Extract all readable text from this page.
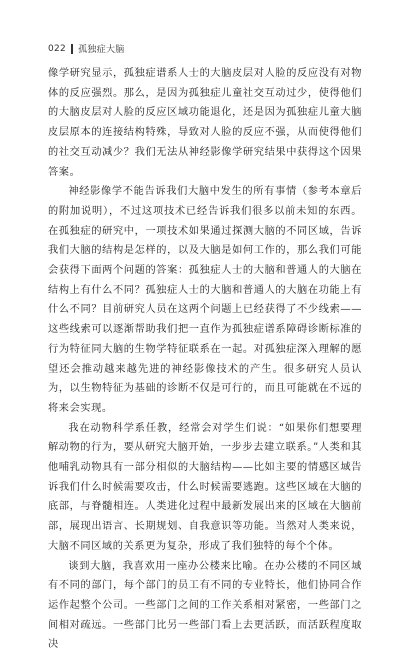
022 孤独症大脑

像学研究显示，孤独症谱系人士的大脑皮层对人脸的反应没有对物体的反应强烈。那么，是因为孤独症儿童社交互动过少，使得他们的大脑皮层对人脸的反应区域功能退化，还是因为孤独症儿童大脑皮层原本的连接结构特殊，导致对人脸的反应不强，从而使得他们的社交互动减少？我们无法从神经影像学研究结果中获得这个因果答案。

神经影像学不能告诉我们大脑中发生的所有事情（参考本章后的附加说明），不过这项技术已经告诉我们很多以前未知的东西。在孤独症的研究中，一项技术如果通过探测大脑的不同区域，告诉我们大脑的结构是怎样的，以及大脑是如何工作的，那么我们可能会获得下面两个问题的答案：孤独症人士的大脑和普通人的大脑在结构上有什么不同？孤独症人士的大脑和普通人的大脑在功能上有什么不同？目前研究人员在这两个问题上已经获得了不少线索——这些线索可以逐渐帮助我们把一直作为孤独症谱系障碍诊断标准的行为特征同大脑的生物学特征联系在一起。对孤独症深入理解的愿望还会推动越来越先进的神经影像技术的产生。很多研究人员认为，以生物特征为基础的诊断不仅是可行的，而且可能就在不远的将来会实现。

我在动物科学系任教，经常会对学生们说：“如果你们想要理解动物的行为，要从研究大脑开始，一步步去建立联系。”人类和其他哺乳动物具有一部分相似的大脑结构——比如主要的情感区域告诉我们什么时候需要攻击，什么时候需要逃跑。这些区域在大脑的底部，与脊髓相连。人类进化过程中最新发展出来的区域在大脑前部，展现出语言、长期规划、自我意识等功能。当然对人类来说，大脑不同区域的关系更为复杂，形成了我们独特的每个个体。

谈到大脑，我喜欢用一座办公楼来比喻。在办公楼的不同区域有不同的部门，每个部门的员工有不同的专业特长，他们协同合作运作起整个公司。一些部门之间的工作关系相对紧密，一些部门之间相对疏远。一些部门比另一些部门看上去更活跃，而活跃程度取决
